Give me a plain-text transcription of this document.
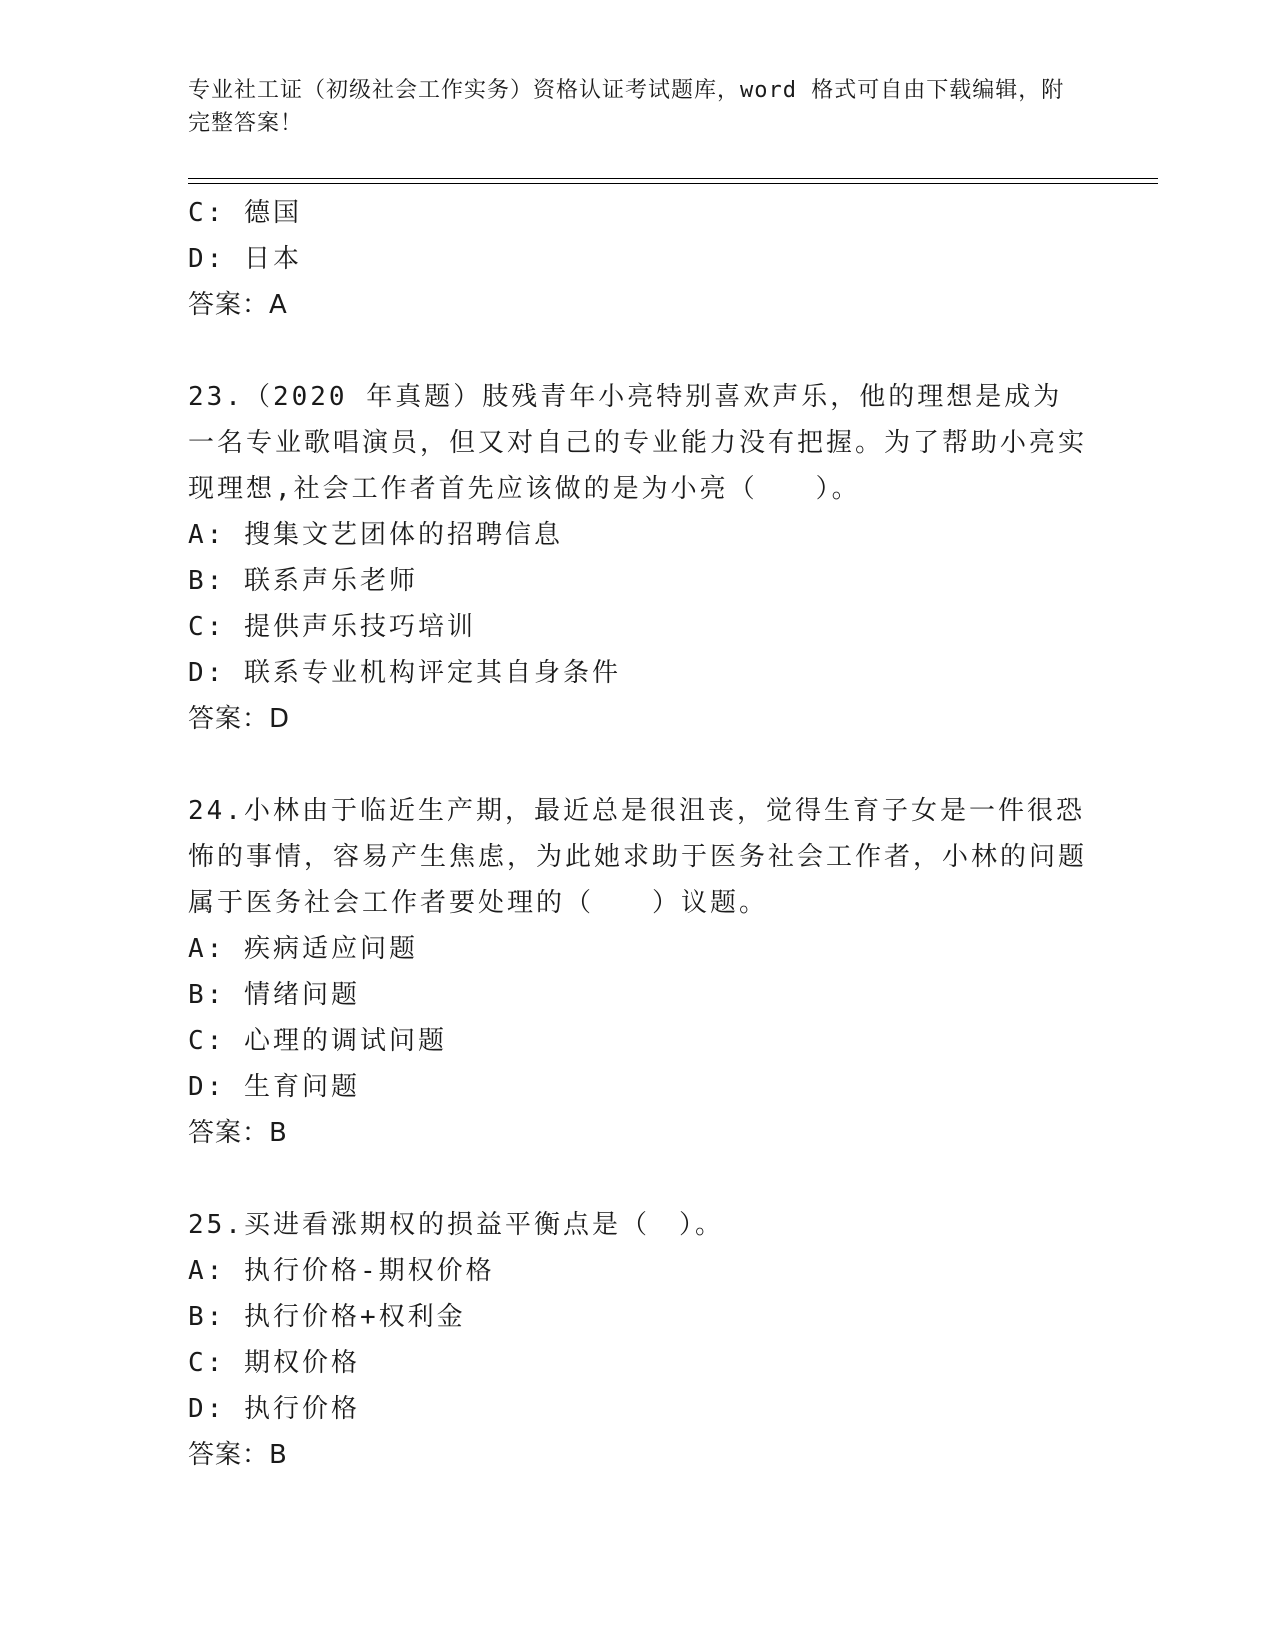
专业社工证（初级社会工作实务）资格认证考试题库，word 格式可自由下载编辑，附完整答案！
C: 德国
D: 日本
答案：A
23.（2020 年真题）肢残青年小亮特别喜欢声乐，他的理想是成为一名专业歌唱演员，但又对自己的专业能力没有把握。为了帮助小亮实现理想,社会工作者首先应该做的是为小亮（　　）。
A: 搜集文艺团体的招聘信息
B: 联系声乐老师
C: 提供声乐技巧培训
D: 联系专业机构评定其自身条件
答案：D
24.小林由于临近生产期，最近总是很沮丧，觉得生育子女是一件很恐怖的事情，容易产生焦虑，为此她求助于医务社会工作者，小林的问题属于医务社会工作者要处理的（　　）议题。
A: 疾病适应问题
B: 情绪问题
C: 心理的调试问题
D: 生育问题
答案：B
25.买进看涨期权的损益平衡点是（　）。
A: 执行价格-期权价格
B: 执行价格+权利金
C: 期权价格
D: 执行价格
答案：B
